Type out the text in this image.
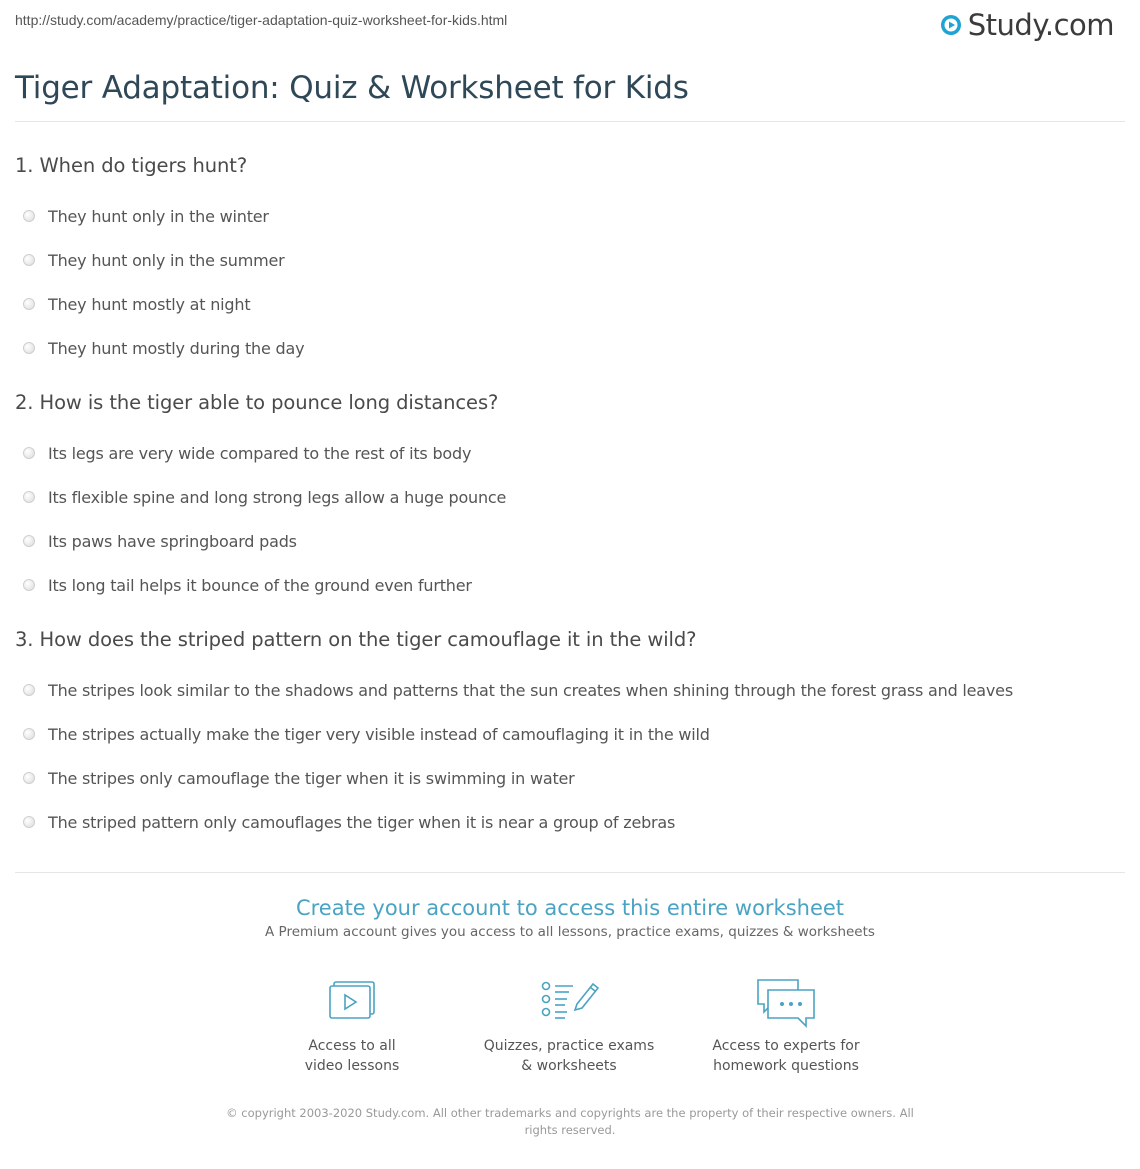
http://study.com/academy/practice/tiger-adaptation-quiz-worksheet-for-kids.html	Study.com
Tiger Adaptation: Quiz & Worksheet for Kids
1. When do tigers hunt?
They hunt only in the winter
They hunt only in the summer
They hunt mostly at night
They hunt mostly during the day
2. How is the tiger able to pounce long distances?
Its legs are very wide compared to the rest of its body
Its flexible spine and long strong legs allow a huge pounce
Its paws have springboard pads
Its long tail helps it bounce of the ground even further
3. How does the striped pattern on the tiger camouflage it in the wild?
The stripes look similar to the shadows and patterns that the sun creates when shining through the forest grass and leaves
The stripes actually make the tiger very visible instead of camouflaging it in the wild
The stripes only camouflage the tiger when it is swimming in water
The striped pattern only camouflages the tiger when it is near a group of zebras
Create your account to access this entire worksheet
A Premium account gives you access to all lessons, practice exams, quizzes & worksheets
Access to all
video lessons
Quizzes, practice exams
& worksheets
Access to experts for
homework questions
© copyright 2003-2020 Study.com. All other trademarks and copyrights are the property of their respective owners. All rights reserved.
